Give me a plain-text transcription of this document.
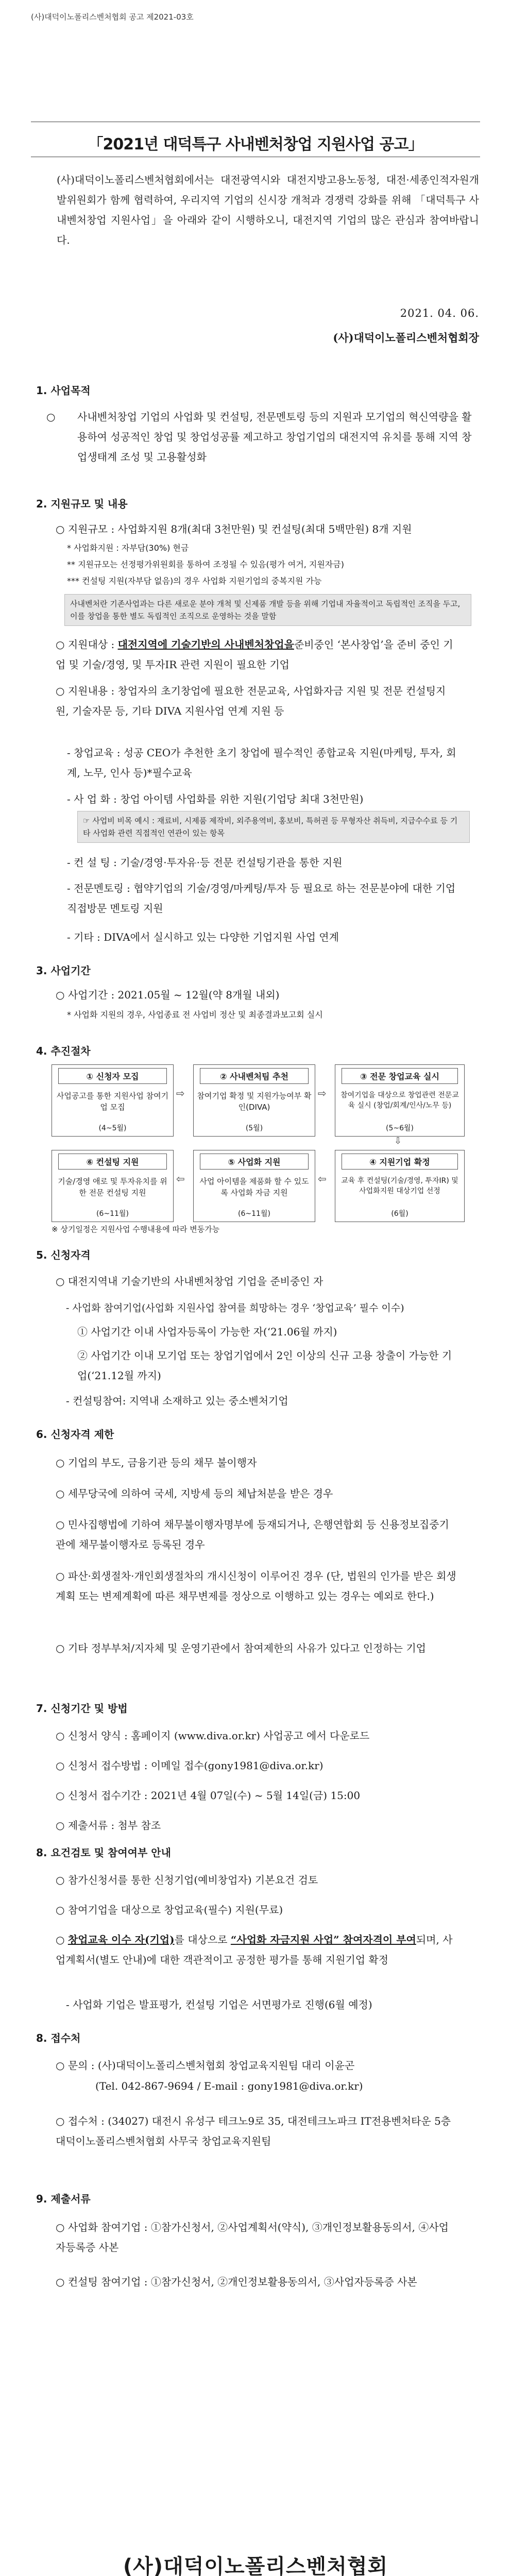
(사)대덕이노폴리스벤처협회 공고 제2021-03호
「2021년 대덕특구 사내벤처창업 지원사업 공고」
(사)대덕이노폴리스벤처협회에서는 대전광역시와 대전지방고용노동청, 대전·세종인적자원개발위원회가 함께 협력하여, 우리지역 기업의 신시장 개척과 경쟁력 강화를 위해 「대덕특구 사내벤처창업 지원사업」을 아래와 같이 시행하오니, 대전지역 기업의 많은 관심과 참여바랍니다.
2021. 04. 06.
(사)대덕이노폴리스벤처협회장
1. 사업목적
○	사내벤처창업 기업의 사업화 및 컨설팅, 전문멘토링 등의 지원과 모기업의 혁신역량을 활용하여 성공적인 창업 및 창업성공률 제고하고 창업기업의 대전지역 유치를 통해 지역 창업생태계 조성 및 고용활성화
2. 지원규모 및 내용
○ 지원규모 : 사업화지원 8개(최대 3천만원) 및 컨설팅(최대 5백만원) 8개 지원
* 사업화지원 : 자부담(30%) 현금
** 지원규모는 선정평가위원회를 통하여 조정될 수 있음(평가 여거, 지원자금)
*** 컨설팅 지원(자부담 없음)의 경우 사업화 지원기업의 중복지원 가능
사내벤처란 기존사업과는 다른 새로운 분야 개척 및 신제품 개발 등을 위해 기업내 자율적이고 독립적인 조직을 두고, 이를 창업을 통한 별도 독립적인 조직으로 운영하는 것을 말함
○ 지원대상 : 대전지역에 기술기반의 사내벤처창업을준비중인 ‘본사창업’을 준비 중인 기업 및 기술/경영, 및 투자IR 관련 지원이 필요한 기업
○ 지원내용 : 창업자의 초기창업에 필요한 전문교육, 사업화자금 지원 및 전문 컨설팅지원, 기술자문 등, 기타 DIVA 지원사업 연계 지원 등
- 창업교육 : 성공 CEO가 추천한 초기 창업에 필수적인 종합교육 지원(마케팅, 투자, 회계, 노무, 인사 등)*필수교육
- 사 업 화 : 창업 아이템 사업화를 위한 지원(기업당 최대 3천만원)
☞ 사업비 비목 예시 : 재료비, 시제품 제작비, 외주용역비, 홍보비, 특허권 등 무형자산 취득비, 지급수수료 등 기타 사업화 관련 직접적인 연관이 있는 항목
- 컨 설 팅 : 기술/경영·투자유·등 전문 컨설팅기관을 통한 지원
- 전문멘토링 : 협약기업의 기술/경영/마케팅/투자 등 필요로 하는 전문분야에 대한 기업 직접방문 멘토링 지원
- 기타 : DIVA에서 실시하고 있는 다양한 기업지원 사업 연계
3. 사업기간
○ 사업기간 : 2021.05월 ~ 12월(약 8개월 내외)
* 사업화 지원의 경우, 사업종료 전 사업비 정산 및 최종결과보고회 실시
4. 추진절차
① 신청자 모집
사업공고를 통한 지원사업 참여기업 모집
(4~5월)
⇨
② 사내벤처팀 추천
참여기업 확정 및 지원가능여부 확인(DIVA)
(5월)
⇨
③ 전문 창업교육 실시
참여기업을 대상으로 창업관련 전문교육 실시 (창업/회계/인사/노무 등)
(5~6월)
⑥ 컨설팅 지원
기술/경영 애로 및 투자유치를 위한 전문 컨설팅 지원
(6~11월)
⇦
⑤ 사업화 지원
사업 아이템을 제품화 할 수 있도록 사업화 자금 지원
(6~11월)
⇦
④ 지원기업 확정
교육 후 컨설팅(기술/경영, 투자IR) 및 사업화지원 대상기업 선정
(6월)
⇩
※ 상기일정은 지원사업 수행내용에 따라 변동가능
5. 신청자격
○ 대전지역내 기술기반의 사내벤처창업 기업을 준비중인 자
- 사업화 참여기업(사업화 지원사업 참여를 희망하는 경우 ‘창업교육’ 필수 이수)
① 사업기간 이내 사업자등록이 가능한 자(‘21.06월 까지)
② 사업기간 이내 모기업 또는 창업기업에서 2인 이상의 신규 고용 창출이 가능한 기업(‘21.12월 까지)
- 컨설팅참여: 지역내 소재하고 있는 중소벤처기업
6. 신청자격 제한
○ 기업의 부도, 금융기관 등의 채무 불이행자
○ 세무당국에 의하여 국세, 지방세 등의 체납처분을 받은 경우
○ 민사집행법에 기하여 채무불이행자명부에 등재되거나, 은행연합회 등 신용정보집중기관에 채무불이행자로 등록된 경우
○ 파산·회생절차·개인회생절차의 개시신청이 이루어진 경우 (단, 법원의 인가를 받은 회생계획 또는 변제계획에 따른 채무변제를 정상으로 이행하고 있는 경우는 예외로 한다.)
○ 기타 정부부처/지자체 및 운영기관에서 참여제한의 사유가 있다고 인정하는 기업
7. 신청기간 및 방법
○ 신청서 양식 : 홈페이지 (www.diva.or.kr) 사업공고 에서 다운로드
○ 신청서 접수방법 : 이메일 접수(gony1981@diva.or.kr)
○ 신청서 접수기간 : 2021년 4월 07일(수) ~ 5월 14일(금) 15:00
○ 제출서류 : 첨부 참조
8. 요건검토 및 참여여부 안내
○ 참가신청서를 통한 신청기업(예비창업자) 기본요건 검토
○ 참여기업을 대상으로 창업교육(필수) 지원(무료)
○ 창업교육 이수 자(기업)를 대상으로 “사업화 자금지원 사업” 참여자격이 부여되며, 사업계획서(별도 안내)에 대한 객관적이고 공정한 평가를 통해 지원기업 확정
- 사업화 기업은 발표평가, 컨설팅 기업은 서면평가로 진행(6월 예정)
8. 접수처
○ 문의 : (사)대덕이노폴리스벤처협회 창업교육지원팀 대리 이윤곤
(Tel. 042-867-9694 / E-mail : gony1981@diva.or.kr)
○ 접수처 : (34027) 대전시 유성구 테크노9로 35, 대전테크노파크 IT전용벤처타운 5층 대덕이노폴리스벤처협회 사무국 창업교육지원팀
9. 제출서류
○ 사업화 참여기업 : ①참가신청서, ②사업계획서(약식), ③개인정보활용동의서, ④사업자등록증 사본
○ 컨설팅 참여기업 : ①참가신청서, ②개인정보활용동의서, ③사업자등록증 사본
(사)대덕이노폴리스벤처협회
